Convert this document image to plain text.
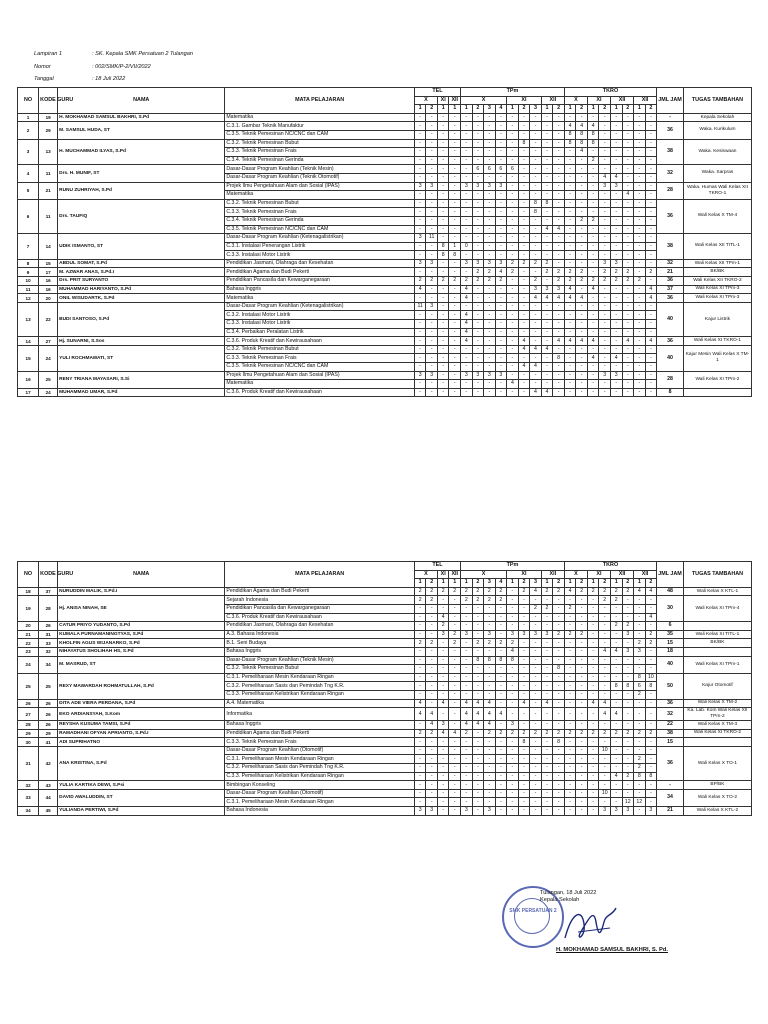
Lampiran 1	: SK. Kepala SMK Persatuan 2 Tulangan
Nomor	: 002/SMK/P-2/VII/2022
Tanggal	: 18 Juli 2022
NO	KODE GURU	NAMA	MATA PELAJARAN	TEL				TPm									TKRO								JML JAM	TUGAS TAMBAHAN
				X		XI	XII	X				XI			XII		X		XI		XII		XII			
				1	2	1	1	1	2	3	4	1	2	3	1	2	1	2	1	2	1	2	1	2		
1	19	H. MOKHAMAD SAMSUL BAKHRI, S.Pd	Matematika	-	-	-	-	-	-	-	-	-	-	-	-	-	-	-	-	-	-	-	-	-	-	Kepala Sekolah
2	29	M. SAMSUL HUDA, ST	C.3.1. Gambar Teknik Manufaktur	-	-	-	-	-	-	-	-	-	-	-	-	-	4	4	4	-	-	-	-	-	36	Waka. Kurikulum
			C.3.5. Teknik Pemesinan NC/CNC dan CAM	-	-	-	-	-	-	-	-	-	-	-	-	-	8	8	8	-	-	-	-	-		
3	13	H. MUCHAMMAD ILYAS, S.Pd	C.3.2. Teknik Pemesinan Bubut	-	-	-	-	-	-	-	-	-	8	-	-	-	8	8	8	-	-	-	-	-	38	Waka. Kesiswaan
			C.3.3. Teknik Pemesinan Frais	-	-	-	-	-	-	-	-	-	-	-	-	-	-	4	-	-	-	-	-	-		
			C.3.4. Teknik Pemesinan Gerinda	-	-	-	-	-	-	-	-	-	-	-	-	-	-	-	2	-	-	-	-	-		
4	11	Drs. H. MUNIF, ST	Dasar-Dasar Program Keahlian (Teknik Mesin)	-	-	-	-	-	6	6	6	6	-	-	-	-	-	-	-	-	-	-	-	-	32	Waka. Sarpras
			Dasar-Dasar Program Keahlian (Teknik Otomotif)	-	-	-	-	-	-	-	-	-	-	-	-	-	-	-	-	4	4	-	-	-		
5	21	RUNU ZUHRIYAH, S.Pd	Projek Ilmu Pengetahuan Alam dan Sosial (IPAS)	3	3	-	-	3	3	3	3	-	-	-	-	-	-	-	-	3	3	-	-	-	28	Waka. Humas Wali Kelas XII TKRO-1
			Matematika	-	-	-	-	-	-	-	-	-	-	-	-	-	-	-	-	-	-	4	-	-		
6	11	Drs. TAUFIQ	C.3.2. Teknik Pemesinan Bubut	-	-	-	-	-	-	-	-	-	-	8	8	-	-	-	-	-	-	-	-	-	36	Wali Kelas X TM-4
			C.3.3. Teknik Pemesinan Frais	-	-	-	-	-	-	-	-	-	-	8	-	-	-	-	-	-	-	-	-	-		
			C.3.4. Teknik Pemesinan Gerinda	-	-	-	-	-	-	-	-	-	-	-	-	-	-	2	2	-	-	-	-	-		
			C.3.5. Teknik Pemesinan NC/CNC dan CAM	-	-	-	-	-	-	-	-	-	-	-	4	4	-	-	-	-	-	-	-	-		
7	14	UDIK ISMANTO, ST	Dasar-Dasar Program Keahlian (Ketenagalistrikan)	3	11	-	-	-	-	-	-	-	-	-	-	-	-	-	-	-	-	-	-	-	38	Wali Kelas XII TITL-1
			C.3.1. Instalasi Penerangan Listrik	-	-	8	1	0	-	-	-	-	-	-	-	-	-	-	-	-	-	-	-	-		
			C.3.3. Instalasi Motor Listrik	-	-	8	8	-	-	-	-	-	-	-	-	-	-	-	-	-	-	-	-	-		
8	15	ABDUL SOMAT, S.Pd	Pendidikan Jasmani, Olahraga dan Kesehatan	3	3	-	-	3	3	3	3	2	2	2	2	-	-	-	-	3	3	-	-	-	32	Wali Kelas XII TPm-1
9	17	M. AZWAR ANAS, S.Pd.I	Pendidikan Agama dan Budi Pekerti	-	-	-	-	-	2	2	4	2	-	-	2	2	2	2	-	2	2	2	-	2	21	BK/BK
10	16	Drs. PRIT SURYANTO	Pendidikan Pancasila dan Kewarganegaraan	2	2	2	2	2	2	2	2	-	-	2	-	2	2	2	2	2	2	2	2	-	36	Wali Kelas XII TKRO-2
11	16	MUHAMMAD HARIYANTO, S.Pd	Bahasa Inggris	4	-	-	-	4	-	-	-	-	-	3	3	3	4	-	4	-	-	-	-	4	37	Wali Kelas XI TPm-3
12	20	ONIL WISUDARTK, S.Pd	Matematika	-	-	-	-	4	-	-	-	-	-	4	4	4	4	4	-	-	-	-	-	4	36	Wali Kelas XI TPm-3
13	22	BUDI SANTOSO, S.Pd	Dasar-Dasar Program Keahlian (Ketenagalistrikan)	11	3	-	-	-	-	-	-	-	-	-	-	-	-	-	-	-	-	-	-	-	40	Kajur Listrik
			C.3.2. Instalasi Motor Listrik	-	-	-	-	4	-	-	-	-	-	-	-	-	-	-	-	-	-	-	-	-		
			C.3.3. Instalasi Motor Listrik	-	-	-	-	4	-	-	-	-	-	-	-	-	-	-	-	-	-	-	-	-		
			C.3.4. Perbaikan Peralatan Listrik	-	-	-	-	4	-	-	-	-	-	-	-	-	-	-	-	-	-	-	-	-		
14	27	Hj. SUNARNI, S.Sos	C.3.6. Produk Kreatif dan Kewirausahaan	-	-	-	-	4	-	-	-	-	4	-	-	4	4	4	4	-	-	4	-	4	36	Wali Kelas XI TKRO-1
15	24	YULI ROCHMAWATI, ST	C.3.2. Teknik Pemesinan Bubut	-	-	-	-	-	-	-	-	-	4	4	4	-	-	-	-	-	-	-	-	-	40	Kajur Mesin Wali Kelas X TM-1
			C.3.3. Teknik Pemesinan Frais	-	-	-	-	-	-	-	-	-	-	-	-	8	-	-	4	-	4	-	-	-		
			C.3.5. Teknik Pemesinan NC/CNC dan CAM	-	-	-	-	-	-	-	-	-	4	4	-	-	-	-	-	-	-	-	-	-		
16	25	RENY TRIANA MAYASARI, S.Si	Projek Ilmu Pengetahuan Alam dan Sosial (IPAS)	3	3	-	-	3	3	3	3	-	-	-	-	-	-	-	-	3	3	-	-	-	28	Wali Kelas XI TPm-2
			Matematika	-	-	-	-	-	-	-	-	4	-	-	-	-	-	-	-	-	-	-	-	-		
17	24	MUHAMMAD UMAR, S.Pd	C.3.6. Produk Kreatif dan Kewirausahaan	-	-	-	-	-	-	-	-	-	-	4	4	-	-	-	-	-	-	-	-	-	8	
NO	KODE GURU	NAMA	MATA PELAJARAN	TEL				TPm									TKRO								JML JAM	TUGAS TAMBAHAN
				X		XI	XII	X				XI			XII		X		XI		XII		XII			
				1	2	1	1	1	2	3	4	1	2	3	1	2	1	2	1	2	1	2	1	2		
18	37	NURUDDIN MALIK, S.Pd.I	Pendidikan Agama dan Budi Pekerti	2	2	2	2	2	2	2	2	-	2	4	2	2	4	2	2	2	2	2	4	4	48	Wali Kelas X KTL-1
19	28	Hj. ANISA NINAH, SE	Sejarah Indonesia	2	2	-	-	2	2	2	2	-	-	-	-	-	-	-	-	2	2	-	-	-	30	Wali Kelas XI TPm-4
			Pendidikan Pancasila dan Kewarganegaraan	-	-	-	-	-	-	-	-	-	-	2	2	-	2	-	-	-	-	-	-	-		
			C.3.6. Produk Kreatif dan Kewirausahaan	-	-	4	-	-	-	-	-	-	-	-	-	-	-	-	-	-	-	-	-	4		
20	26	CATUR PRIYO YUDANTO, S.Pd	Pendidikan Jasmani, Olahraga dan Kesehatan	-	-	2	-	-	-	-	-	-	-	-	-	-	-	-	-	-	2	2	-	-	6	
21	31	KUMALA PURNAMANINGTYAS, S.Pd	A.3. Bahasa Indonesia	-	-	3	2	3	-	3	-	3	3	3	3	2	2	2	-	-	-	3	-	2	35	Wali Kelas XI TITL-1
22	33	KHOLFIN AGUS WIJANARKO, S.Pd	B.1. Seni Budaya	2	2	-	2	-	2	2	2	2	-	-	-	-	-	-	-	-	-	-	2	2	15	BK/BK
23	32	NIHAYATUS SHOLIHAH HS, S.Pd	Bahasa Inggris	-	-	-	-	-	-	-	-	4	-	-	-	-	-	-	-	4	4	3	3	-	18	
24	34	M. MASRUD, ST	Dasar-Dasar Program Keahlian (Teknik Mesin)	-	-	-	-	-	8	8	8	8	-	-	-	-	-	-	-	-	-	-	-	-	40	Wali Kelas XI TPm-1
			C.3.2. Teknik Pemesinan Bubut	-	-	-	-	-	-	-	-	-	-	-	-	8	-	-	-	-	-	-	-	-		
25	25	REXY MAWARDAH ROHMATULLAH, S.Pd	C.3.1. Pemeliharaan Mesin Kendaraan Ringan	-	-	-	-	-	-	-	-	-	-	-	-	-	-	-	-	-	-	-	8	10	50	Kajur Otomotif
			C.3.2. Pemeliharaan Sasis dan Pemindah Tng K.R.	-	-	-	-	-	-	-	-	-	-	-	-	-	-	-	-	-	8	8	6	8		
			C.3.3. Pemeliharaan Kelistrikan Kendaraan Ringan	-	-	-	-	-	-	-	-	-	-	-	-	-	-	-	-	-	-	-	2	-		
26	26	DITA ADE VIERA PERDANA, S.Pd	A.4. Matematika	4	-	4	-	4	4	4	-	-	4	-	4	-	-	-	4	4	-	-	-	-	36	Wali Kelas X TM-2
27	26	EKO ARDIANSYAH, S.Kom	Informatika	4	4	-	-	4	4	4	4	-	-	-	-	-	-	-	-	4	4	-	-	-	32	Ka. Lab. Kom Wali Kelas XII TPm-2
28	26	REYSHA KUSUMA TAMSI, S.Pd	Bahasa Inggris	-	4	3	-	4	4	4	-	3	-	-	-	-	-	-	-	-	-	-	-	-	22	Wali Kelas X TM-3
29	29	RAMADHANI OFYAN APRIANTO, S.Pd.I	Pendidikan Agama dan Budi Pekerti	2	2	4	4	2	-	2	2	2	2	2	2	2	2	2	2	2	2	2	2	2	38	Wali Kelas XI TKRO-2
30	41	ADI SUPRIHATNO	C.3.3. Teknik Pemesinan Frais	-	-	-	-	-	-	-	-	-	8	-	-	8	-	-	-	-	-	-	-	-	15	
31	42	ANA KRISTINA, S.Pd	Dasar-Dasar Program Keahlian (Otomotif)	-	-	-	-	-	-	-	-	-	-	-	-	-	-	-	-	10	-	-	-	-	36	Wali Kelas X TO-1
			C.3.1. Pemeliharaan Mesin Kendaraan Ringan	-	-	-	-	-	-	-	-	-	-	-	-	-	-	-	-	-	-	-	2	-		
			C.3.2. Pemeliharaan Sasis dan Pemindah Tng K.R.	-	-	-	-	-	-	-	-	-	-	-	-	-	-	-	-	-	-	-	2	-		
			C.3.3. Pemeliharaan Kelistrikan Kendaraan Ringan	-	-	-	-	-	-	-	-	-	-	-	-	-	-	-	-	-	4	2	8	8		
32	43	YULIA KARTIKA DEWI, S.Psi	Bimbingan Konseling	-	-	-	-	-	-	-	-	-	-	-	-	-	-	-	-	-	-	-	-	-	-	BP/BK
33	44	DAVID AWALUDDIN, ST	Dasar-Dasar Program Keahlian (Otomotif)	-	-	-	-	-	-	-	-	-	-	-	-	-	-	-	-	10	-	-	-	-	34	Wali Kelas X TO-2
			C.3.1. Pemeliharaan Mesin Kendaraan Ringan	-	-	-	-	-	-	-	-	-	-	-	-	-	-	-	-	-	-	12	12	-		
34	45	YULIANDA PERTIWI, S.Pd	Bahasa Indonesia	3	3	-	-	3	-	3	-	-	-	-	-	-	-	-	-	3	3	3	-	3	21	Wali Kelas X KTL-2
SMK PERSATUAN 2
Tulangan, 18 Juli 2022
Kepala Sekolah
H. MOKHAMAD SAMSUL BAKHRI, S. Pd.
